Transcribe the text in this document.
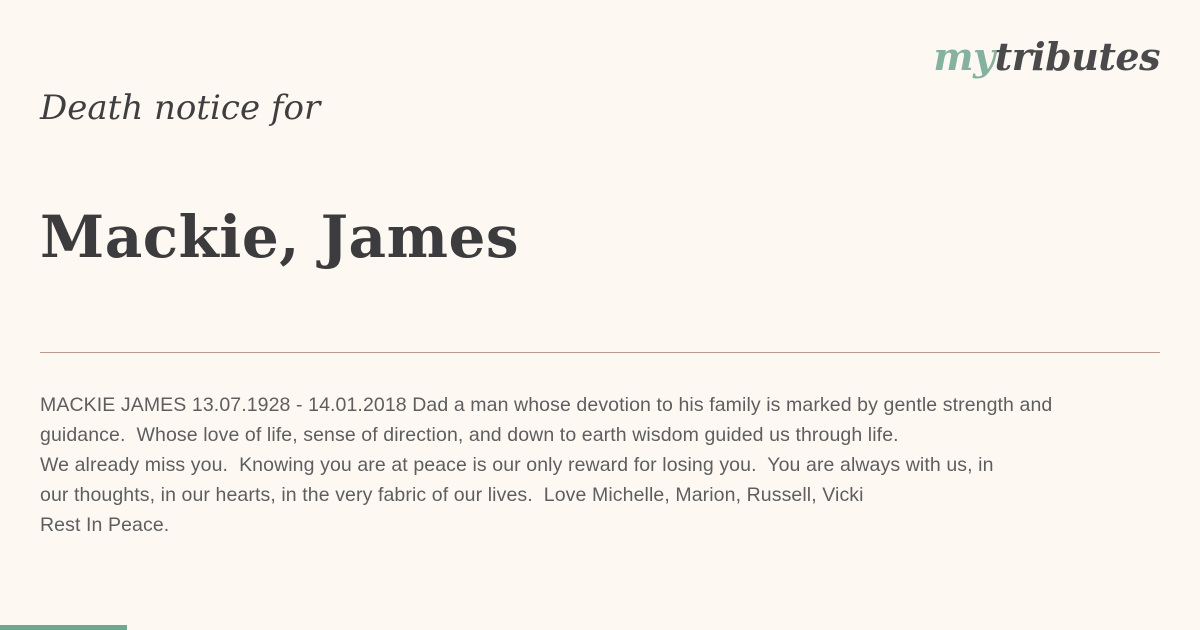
mytributes
Death notice for
Mackie, James
MACKIE JAMES 13.07.1928 - 14.01.2018 Dad a man whose devotion to his family is marked by gentle strength and
guidance.  Whose love of life, sense of direction, and down to earth wisdom guided us through life.
We already miss you.  Knowing you are at peace is our only reward for losing you.  You are always with us, in
our thoughts, in our hearts, in the very fabric of our lives.  Love Michelle, Marion, Russell, Vicki
Rest In Peace.
